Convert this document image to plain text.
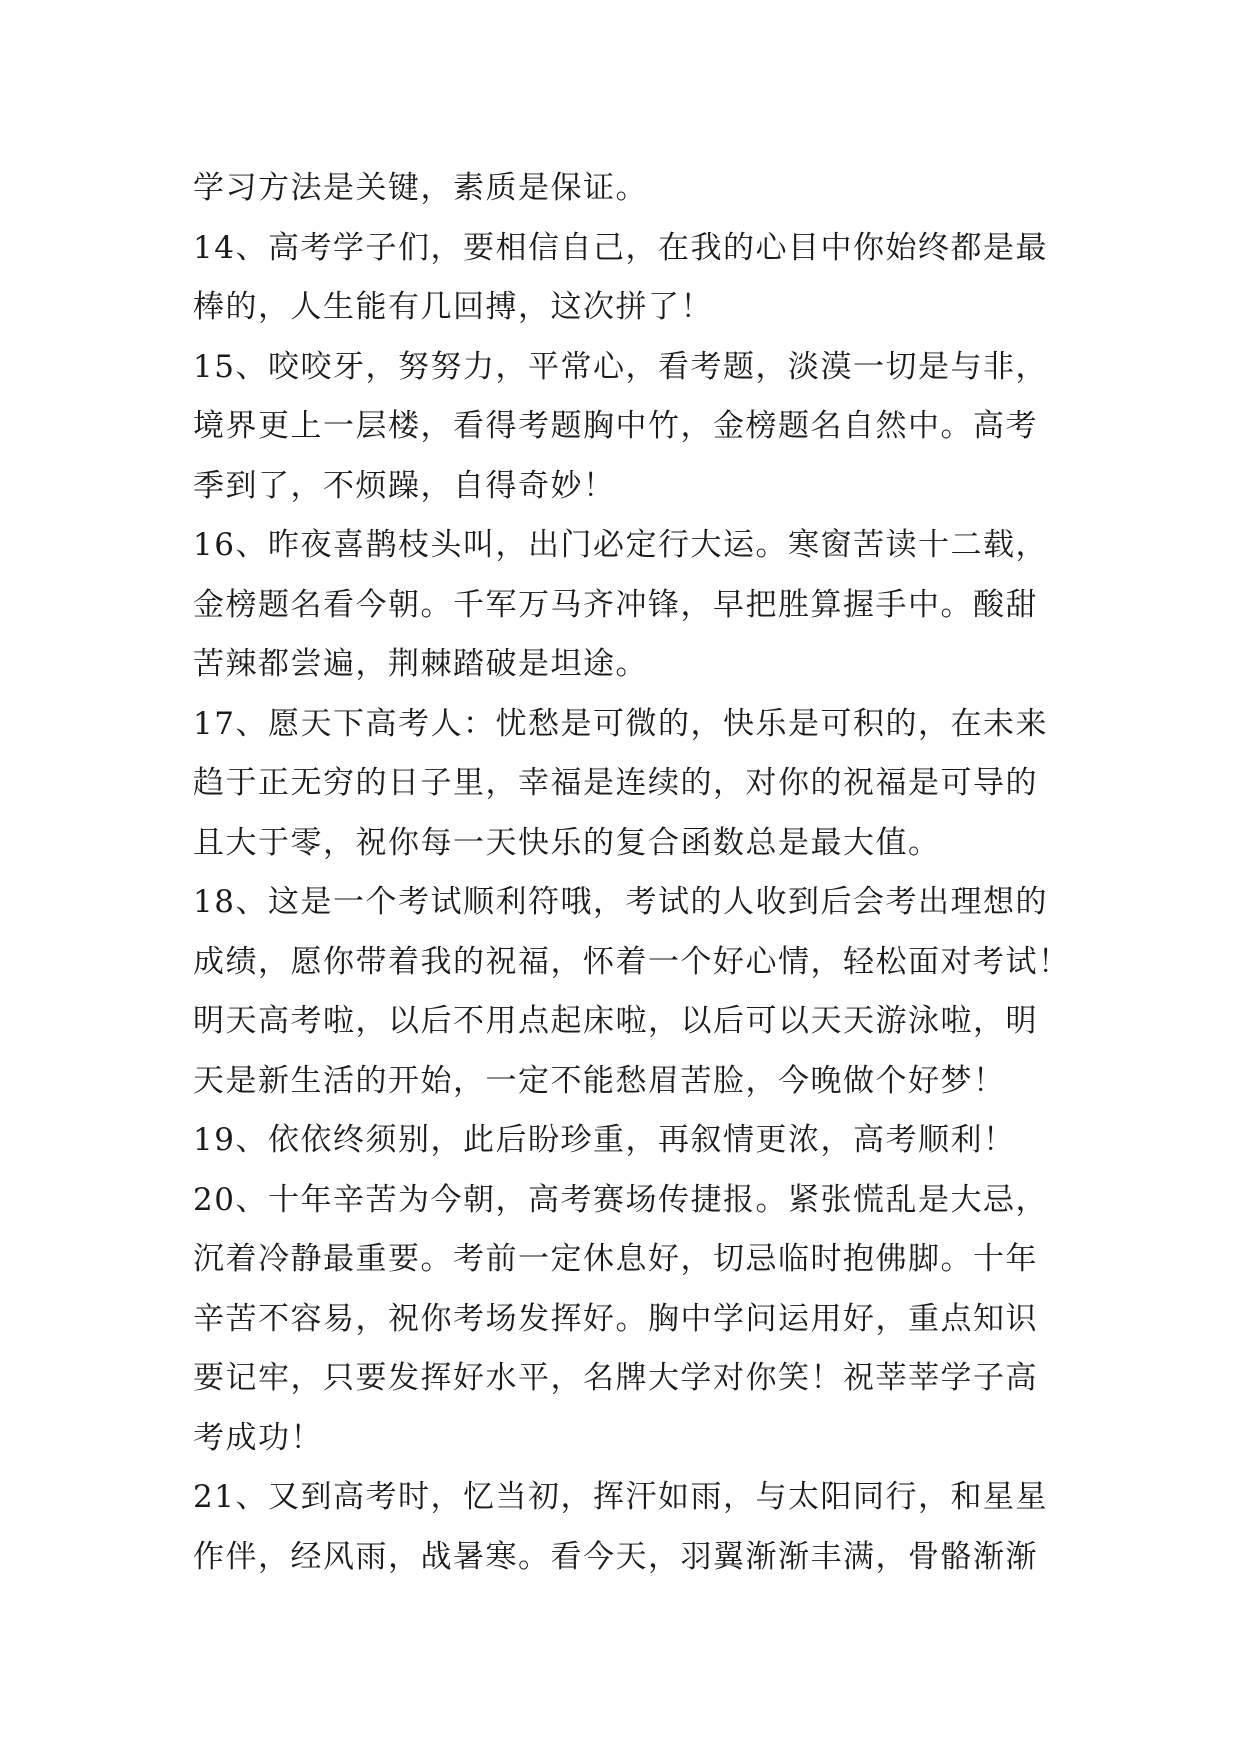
学习方法是关键，素质是保证。
14、高考学子们，要相信自己，在我的心目中你始终都是最
棒的，人生能有几回搏，这次拼了！
15、咬咬牙，努努力，平常心，看考题，淡漠一切是与非，
境界更上一层楼，看得考题胸中竹，金榜题名自然中。高考
季到了，不烦躁，自得奇妙！
16、昨夜喜鹊枝头叫，出门必定行大运。寒窗苦读十二载，
金榜题名看今朝。千军万马齐冲锋，早把胜算握手中。酸甜
苦辣都尝遍，荆棘踏破是坦途。
17、愿天下高考人：忧愁是可微的，快乐是可积的，在未来
趋于正无穷的日子里，幸福是连续的，对你的祝福是可导的
且大于零，祝你每一天快乐的复合函数总是最大值。
18、这是一个考试顺利符哦，考试的人收到后会考出理想的
成绩，愿你带着我的祝福，怀着一个好心情，轻松面对考试！
明天高考啦，以后不用点起床啦，以后可以天天游泳啦，明
天是新生活的开始，一定不能愁眉苦脸，今晚做个好梦！
19、依依终须别，此后盼珍重，再叙情更浓，高考顺利！
20、十年辛苦为今朝，高考赛场传捷报。紧张慌乱是大忌，
沉着冷静最重要。考前一定休息好，切忌临时抱佛脚。十年
辛苦不容易，祝你考场发挥好。胸中学问运用好，重点知识
要记牢，只要发挥好水平，名牌大学对你笑！祝莘莘学子高
考成功！
21、又到高考时，忆当初，挥汗如雨，与太阳同行，和星星
作伴，经风雨，战暑寒。看今天，羽翼渐渐丰满，骨骼渐渐
